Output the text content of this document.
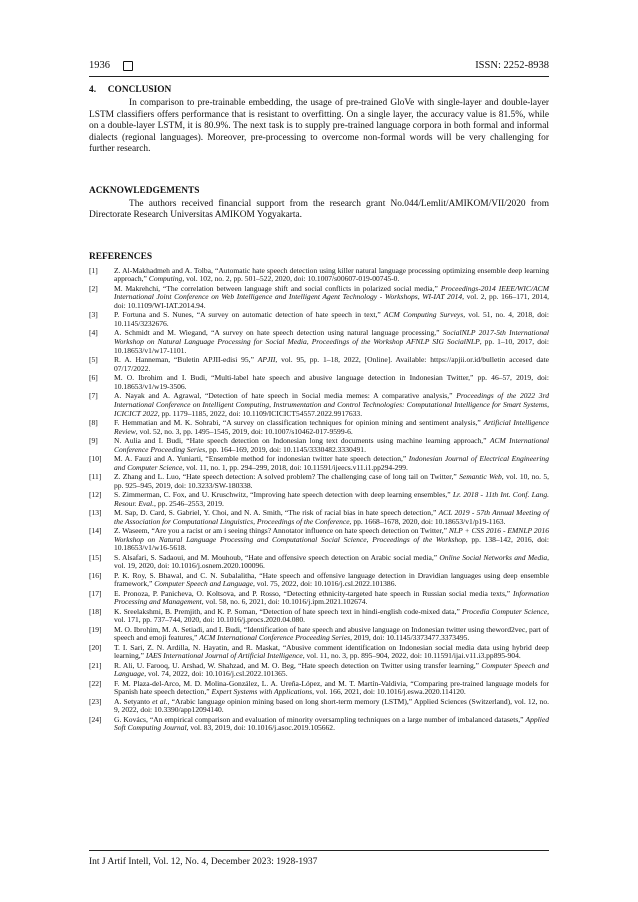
1936	ISSN: 2252-8938
4.     CONCLUSION

In comparison to pre-trainable embedding, the usage of pre-trained GloVe with single-layer and double-layer LSTM classifiers offers performance that is resistant to overfitting. On a single layer, the accuracy value is 81.5%, while on a double-layer LSTM, it is 80.9%. The next task is to supply pre-trained language corpora in both formal and informal dialects (regional languages). Moreover, pre-processing to overcome non-formal words will be very challenging for further research.

ACKNOWLEDGEMENTS

The authors received financial support from the research grant No.044/Lemlit/AMIKOM/VII/2020 from Directorate Research Universitas AMIKOM Yogyakarta.

REFERENCES
[1]	Z. Al-Makhadmeh and A. Tolba, “Automatic hate speech detection using killer natural language processing optimizing ensemble deep learning approach,” Computing, vol. 102, no. 2, pp. 501–522, 2020, doi: 10.1007/s00607-019-00745-0.
[2]	M. Makrehchi, “The correlation between language shift and social conflicts in polarized social media,” Proceedings-2014 IEEE/WIC/ACM International Joint Conference on Web Intelligence and Intelligent Agent Technology - Workshops, WI-IAT 2014, vol. 2, pp. 166–171, 2014, doi: 10.1109/WI-IAT.2014.94.
[3]	P. Fortuna and S. Nunes, “A survey on automatic detection of hate speech in text,” ACM Computing Surveys, vol. 51, no. 4, 2018, doi: 10.1145/3232676.
[4]	A. Schmidt and M. Wiegand, “A survey on hate speech detection using natural language processing,” SocialNLP 2017-5th International Workshop on Natural Language Processing for Social Media, Proceedings of the Workshop AFNLP SIG SocialNLP, pp. 1–10, 2017, doi: 10.18653/v1/w17-1101.
[5]	R. A. Hanneman, “Buletin APJII-edisi 95,” APJII, vol. 95, pp. 1–18, 2022, [Online]. Available: https://apjii.or.id/bulletin accesed date 07/17/2022.
[6]	M. O. Ibrohim and I. Budi, “Multi-label hate speech and abusive language detection in Indonesian Twitter,” pp. 46–57, 2019, doi: 10.18653/v1/w19-3506.
[7]	A. Nayak and A. Agrawal, “Detection of hate speech in Social media memes: A comparative analysis,” Proceedings of the 2022 3rd International Conference on Intelligent Computing, Instrumentation and Control Technologies: Computational Intelligence for Smart Systems, ICICICT 2022, pp. 1179–1185, 2022, doi: 10.1109/ICICICT54557.2022.9917633.
[8]	F. Hemmatian and M. K. Sohrabi, “A survey on classification techniques for opinion mining and sentiment analysis,” Artificial Intelligence Review, vol. 52, no. 3, pp. 1495–1545, 2019, doi: 10.1007/s10462-017-9599-6.
[9]	N. Aulia and I. Budi, “Hate speech detection on Indonesian long text documents using machine learning approach,” ACM International Conference Proceeding Series, pp. 164–169, 2019, doi: 10.1145/3330482.3330491.
[10]	M. A. Fauzi and A. Yuniarti, “Ensemble method for indonesian twitter hate speech detection,” Indonesian Journal of Electrical Engineering and Computer Science, vol. 11, no. 1, pp. 294–299, 2018, doi: 10.11591/ijeecs.v11.i1.pp294-299.
[11]	Z. Zhang and L. Luo, “Hate speech detection: A solved problem? The challenging case of long tail on Twitter,” Semantic Web, vol. 10, no. 5, pp. 925–945, 2019, doi: 10.3233/SW-180338.
[12]	S. Zimmerman, C. Fox, and U. Kruschwitz, “Improving hate speech detection with deep learning ensembles,” Lr. 2018 - 11th Int. Conf. Lang. Resour. Eval., pp. 2546–2553, 2019.
[13]	M. Sap, D. Card, S. Gabriel, Y. Choi, and N. A. Smith, “The risk of racial bias in hate speech detection,” ACL 2019 - 57th Annual Meeting of the Association for Computational Linguistics, Proceedings of the Conference, pp. 1668–1678, 2020, doi: 10.18653/v1/p19-1163.
[14]	Z. Waseem, “Are you a racist or am i seeing things? Annotator influence on hate speech detection on Twitter,” NLP + CSS 2016 - EMNLP 2016 Workshop on Natural Language Processing and Computational Social Science, Proceedings of the Workshop, pp. 138–142, 2016, doi: 10.18653/v1/w16-5618.
[15]	S. Alsafari, S. Sadaoui, and M. Mouhoub, “Hate and offensive speech detection on Arabic social media,” Online Social Networks and Media, vol. 19, 2020, doi: 10.1016/j.osnem.2020.100096.
[16]	P. K. Roy, S. Bhawal, and C. N. Subalalitha, “Hate speech and offensive language detection in Dravidian languages using deep ensemble framework,” Computer Speech and Language, vol. 75, 2022, doi: 10.1016/j.csl.2022.101386.
[17]	E. Pronoza, P. Panicheva, O. Koltsova, and P. Rosso, “Detecting ethnicity-targeted hate speech in Russian social media texts,” Information Processing and Management, vol. 58, no. 6, 2021, doi: 10.1016/j.ipm.2021.102674.
[18]	K. Sreelakshmi, B. Premjith, and K. P. Soman, “Detection of hate speech text in hindi-english code-mixed data,” Procedia Computer Science, vol. 171, pp. 737–744, 2020, doi: 10.1016/j.procs.2020.04.080.
[19]	M. O. Ibrohim, M. A. Setiadi, and I. Budi, “Identification of hate speech and abusive language on Indonesian twitter using theword2vec, part of speech and emoji features,” ACM International Conference Proceeding Series, 2019, doi: 10.1145/3373477.3373495.
[20]	T. I. Sari, Z. N. Ardilla, N. Hayatin, and R. Maskat, “Abusive comment identification on Indonesian social media data using hybrid deep learning,” IAES International Journal of Artificial Intelligence, vol. 11, no. 3, pp. 895–904, 2022, doi: 10.11591/ijai.v11.i3.pp895-904.
[21]	R. Ali, U. Farooq, U. Arshad, W. Shahzad, and M. O. Beg, “Hate speech detection on Twitter using transfer learning,” Computer Speech and Language, vol. 74, 2022, doi: 10.1016/j.csl.2022.101365.
[22]	F. M. Plaza-del-Arco, M. D. Molina-González, L. A. Ureña-López, and M. T. Martín-Valdivia, “Comparing pre-trained language models for Spanish hate speech detection,” Expert Systems with Applications, vol. 166, 2021, doi: 10.1016/j.eswa.2020.114120.
[23]	A. Setyanto et al., “Arabic language opinion mining based on long short-term memory (LSTM),” Applied Sciences (Switzerland), vol. 12, no. 9, 2022, doi: 10.3390/app12094140.
[24]	G. Kovács, “An empirical comparison and evaluation of minority oversampling techniques on a large number of imbalanced datasets,” Applied Soft Computing Journal, vol. 83, 2019, doi: 10.1016/j.asoc.2019.105662.
Int J Artif Intell, Vol. 12, No. 4, December 2023: 1928-1937
